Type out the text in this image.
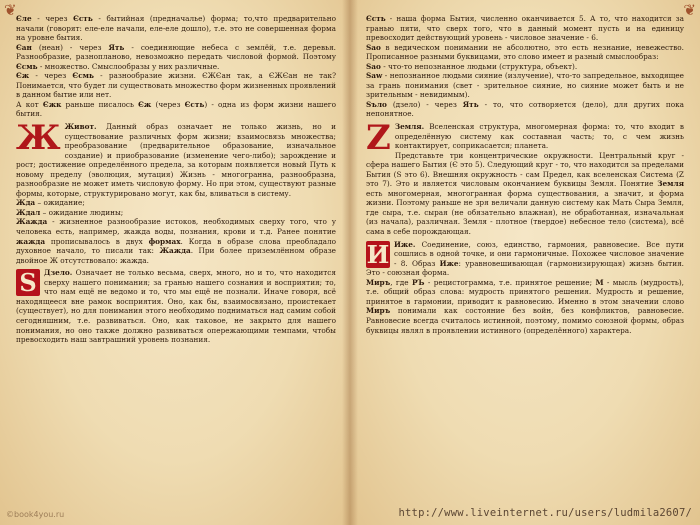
❦ Єле - через Єсть - бытийная (предначальe) форма; то,что предварительно начали (говорят: еле-еле начали, еле-еле дошло), т.е. это не совершенная форма на уровне бытия.

Єан (неан) - через Ять - соединяющие небеса с землёй, т.е. деревья. Разнообразие, разнопланово, невозможно передать числовой формой. Поэтому Єсмь - множество. Смыслообразы у них различные.

Єж - через Єсмь - разнообразие жизни. ЄЖЄан так, а ЄЖЄан не так? Понимается, что будет ли существовать множество форм жизненных проявлений в данном бытие или нет.

А кот Єжк раньше писалось Єж (через Єсть) - одна из форм жизни нашего бытия.

Ж Живот. Данный образ означает не только жизнь, но и существование различных форм жизни; взаимосвязь множества; преобразование (предварительное образование, изначальное создание) и приобразование (изменение чего-либо); зарождение и рост; достижение определённого предела, за которым появляется новый Путь к новому пределу (эволюция, мутация) Жизнь - многогранна, разнообразна, разнообразие не может иметь числовую форму. Но при этом, существуют разные формы, которые, структурировано могут, как бы, вливаться в систему.

Жда – ожидание;

Ждал – ожидание людины;

Жажда - жизненное разнообразие истоков, необходимых сверху того, что у человека есть, например, жажда воды, познания, крови и т.д. Ранее понятие жажда прописывалось в двух формах. Когда в образе слова преобладало духовное начало, то писали так: Жажда. При более приземлённом образе двойное Ж отсутствовало: жажда.

S	Дзело. Означает не только весьма, сверх, много, но и то, что находится сверху нашего понимания; за гранью нашего сознания и восприятия; то, что нам ещё не ведомо и то, что мы ещё не познали. Иначе говоря, всё находящееся вне рамок восприятия. Оно, как бы, взаимосвязано, проистекает (существует), но для понимания этого необходимо подниматься над самим собой сегодняшним, т.е. развиваться. Оно, как таковое, не закрыто для нашего понимания, но оно также должно развиваться опережающими темпами, чтобы превосходить наш завтрашний уровень познания.

©book4you.ru
❦

Єсть - наша форма Бытия, численно оканчивается 5. А то, что находится за гранью пяти, что сверх того, что в данный момент пусть и на единицу превосходит действующий уровень - числовое значение - 6.

Sао в ведическом понимании не абсолютно, это есть незнание, невежество. Прописанное разными буквицами, это слово имеет и разный смыслообраз:

Sао - что-то непознанное людьми (структура, объект).

Sаw - непознанное людьми сияние (излучение), что-то запредельное, выходящее за грань понимания (свет - зрительное сияние, но сияние может быть и не зрительным - невидимым).

Sъло (дзело) - через Ять - то, что сотворяется (дело), для других пока непонятное.

Z Земля. Вселенская структура, многомерная форма: то, что входит в определённую систему как составная часть; то, с чем жизнь контактирует, соприкасается; планета.

Представьте три концентрические окружности. Центральный круг - сфера нашего Бытия (Є это 5). Следующий круг - то, что находится за пределами Бытия (S это 6). Внешняя окружность - сам Предел, как вселенская Система (Z это 7). Это и является числовым окончанием буквицы Земля. Понятие Земля есть многомерная, многогранная форма существования, а значит, и форма жизни. Поэтому раньше не зря величали данную систему как Мать Сыра Земля, где сыра, т.е. сырая (не обязательно влажная), не обработанная, изначальная (из начала), различная. Земля - плотное (твердое) небесное тело (система), всё сама в себе порождающая.

И Иже. Соединение, союз, единство, гармония, равновесие. Все пути сошлись в одной точке, и они гармоничные. Похожее числовое значение - 8. Образ Иже: уравновешивающая (гармонизирующая) жизнь бытия. Это - союзная форма.

Миръ, где РЪ - рецистограмма, т.е. принятое решение; М - мысль (мудрость), т.е. общий образ слова: мудрость принятого решения. Мудрость и решение, принятое в гармонии, приводит к равновесию. Именно в этом значении слово Миръ понимали как состояние без войн, без конфликтов, равновесие. Равновесие всегда считалось истинной, поэтому, помимо союзной формы, образ буквицы являл в проявлении истинного (определённого) характера.

http://www.liveinternet.ru/users/ludmila2607/
